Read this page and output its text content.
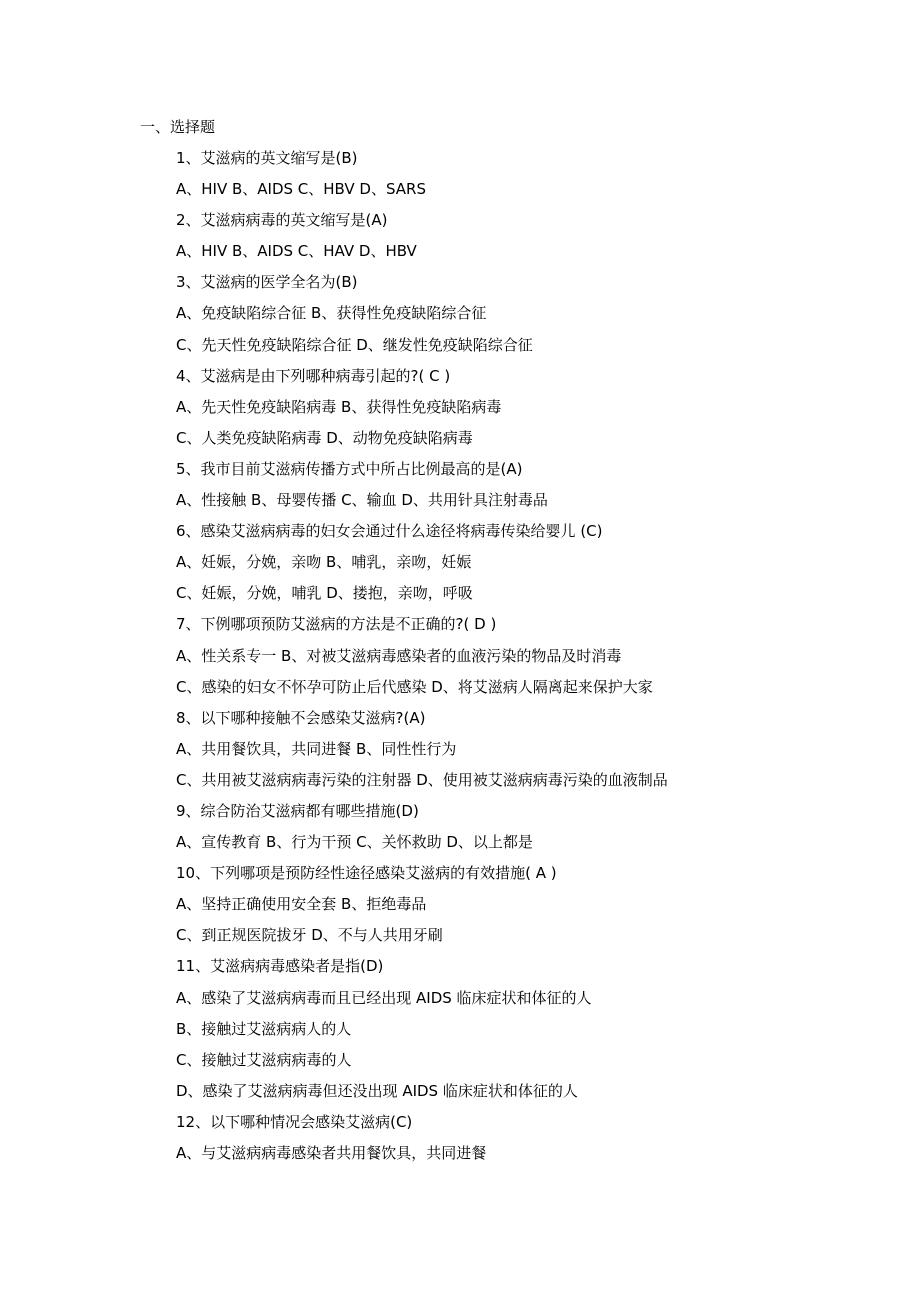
一、选择题
1、艾滋病的英文缩写是(B)
A、HIV B、AIDS C、HBV D、SARS
2、艾滋病病毒的英文缩写是(A)
A、HIV B、AIDS C、HAV D、HBV
3、艾滋病的医学全名为(B)
A、免疫缺陷综合征 B、获得性免疫缺陷综合征
C、先天性免疫缺陷综合征 D、继发性免疫缺陷综合征
4、艾滋病是由下列哪种病毒引起的?( C )
A、先天性免疫缺陷病毒 B、获得性免疫缺陷病毒
C、人类免疫缺陷病毒 D、动物免疫缺陷病毒
5、我市目前艾滋病传播方式中所占比例最高的是(A)
A、性接触 B、母婴传播 C、输血 D、共用针具注射毒品
6、感染艾滋病病毒的妇女会通过什么途径将病毒传染给婴儿 (C)
A、妊娠，分娩，亲吻 B、哺乳，亲吻，妊娠
C、妊娠，分娩，哺乳 D、搂抱，亲吻，呼吸
7、下例哪项预防艾滋病的方法是不正确的?( D )
A、性关系专一 B、对被艾滋病毒感染者的血液污染的物品及时消毒
C、感染的妇女不怀孕可防止后代感染 D、将艾滋病人隔离起来保护大家
8、以下哪种接触不会感染艾滋病?(A)
A、共用餐饮具，共同进餐 B、同性性行为
C、共用被艾滋病病毒污染的注射器 D、使用被艾滋病病毒污染的血液制品
9、综合防治艾滋病都有哪些措施(D)
A、宣传教育 B、行为干预 C、关怀救助 D、以上都是
10、下列哪项是预防经性途径感染艾滋病的有效措施( A )
A、坚持正确使用安全套 B、拒绝毒品
C、到正规医院拔牙 D、不与人共用牙刷
11、艾滋病病毒感染者是指(D)
A、感染了艾滋病病毒而且已经出现 AIDS 临床症状和体征的人
B、接触过艾滋病病人的人
C、接触过艾滋病病毒的人
D、感染了艾滋病病毒但还没出现 AIDS 临床症状和体征的人
12、以下哪种情况会感染艾滋病(C)
A、与艾滋病病毒感染者共用餐饮具，共同进餐
